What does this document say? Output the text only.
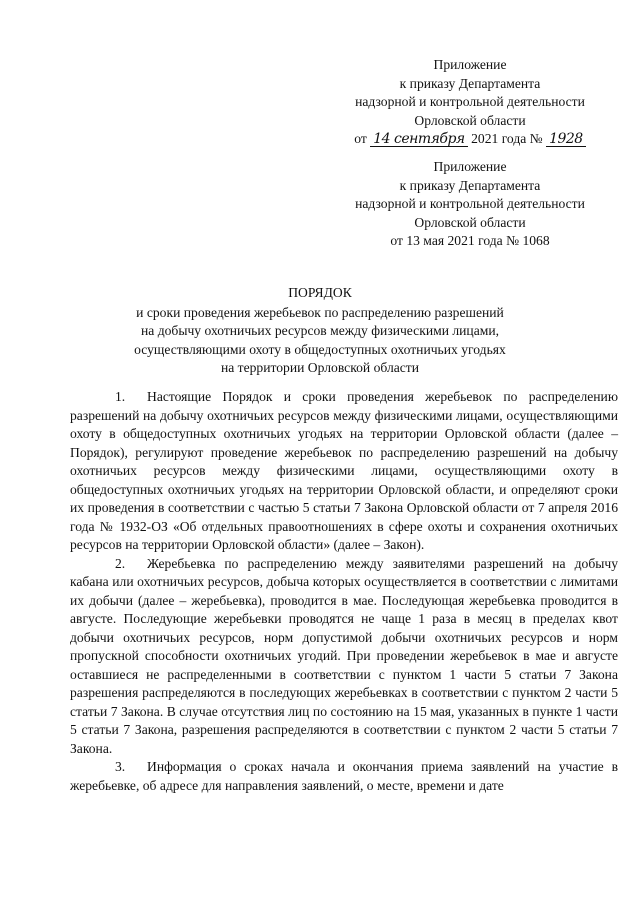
Приложение
к приказу Департамента
надзорной и контрольной деятельности
Орловской области
от 14 сентября 2021 года № 1928
Приложение
к приказу Департамента
надзорной и контрольной деятельности
Орловской области
от 13 мая 2021 года № 1068
ПОРЯДОК
и сроки проведения жеребьевок по распределению разрешений
на добычу охотничьих ресурсов между физическими лицами,
осуществляющими охоту в общедоступных охотничьих угодьях
на территории Орловской области

1. Настоящие Порядок и сроки проведения жеребьевок по распределению разрешений на добычу охотничьих ресурсов между физическими лицами, осуществляющими охоту в общедоступных охотничьих угодьях на территории Орловской области (далее – Порядок), регулируют проведение жеребьевок по распределению разрешений на добычу охотничьих ресурсов между физическими лицами, осуществляющими охоту в общедоступных охотничьих угодьях на территории Орловской области, и определяют сроки их проведения в соответствии с частью 5 статьи 7 Закона Орловской области от 7 апреля 2016 года № 1932-ОЗ «Об отдельных правоотношениях в сфере охоты и сохранения охотничьих ресурсов на территории Орловской области» (далее – Закон).

2. Жеребьевка по распределению между заявителями разрешений на добычу кабана или охотничьих ресурсов, добыча которых осуществляется в соответствии с лимитами их добычи (далее – жеребьевка), проводится в мае. Последующая жеребьевка проводится в августе. Последующие жеребьевки проводятся не чаще 1 раза в месяц в пределах квот добычи охотничьих ресурсов, норм допустимой добычи охотничьих ресурсов и норм пропускной способности охотничьих угодий. При проведении жеребьевок в мае и августе оставшиеся не распределенными в соответствии с пунктом 1 части 5 статьи 7 Закона разрешения распределяются в последующих жеребьевках в соответствии с пунктом 2 части 5 статьи 7 Закона. В случае отсутствия лиц по состоянию на 15 мая, указанных в пункте 1 части 5 статьи 7 Закона, разрешения распределяются в соответствии с пунктом 2 части 5 статьи 7 Закона.

3. Информация о сроках начала и окончания приема заявлений на участие в жеребьевке, об адресе для направления заявлений, о месте, времени и дате
